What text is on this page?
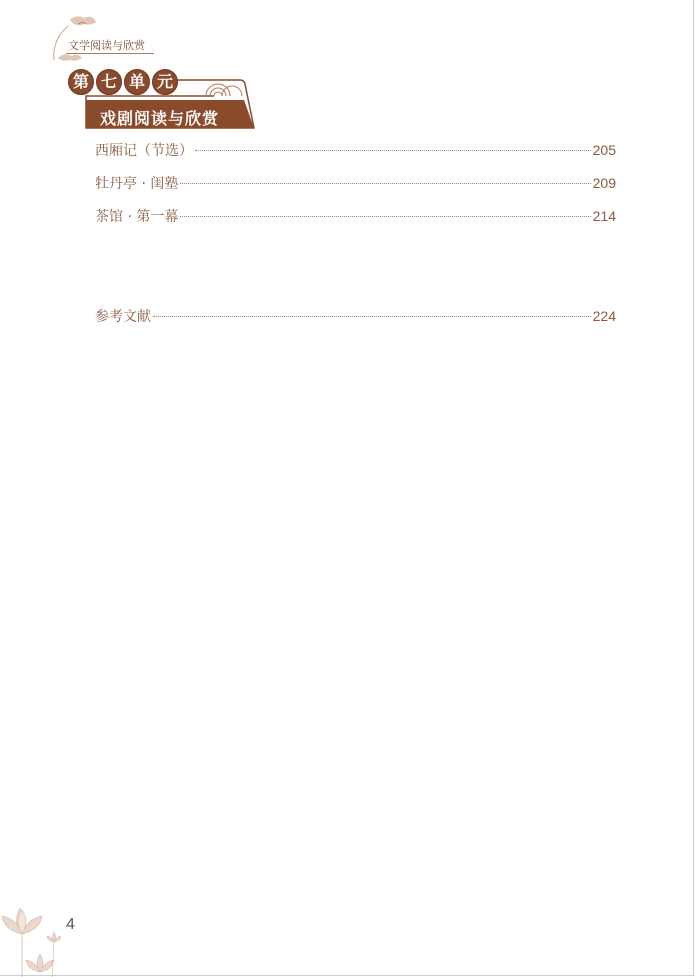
文学阅读与欣赏
第 七 单 元
戏剧阅读与欣赏
西厢记（节选）	205
牡丹亭 · 闺塾	209
茶馆 · 第一幕	214
参考文献	224
4
